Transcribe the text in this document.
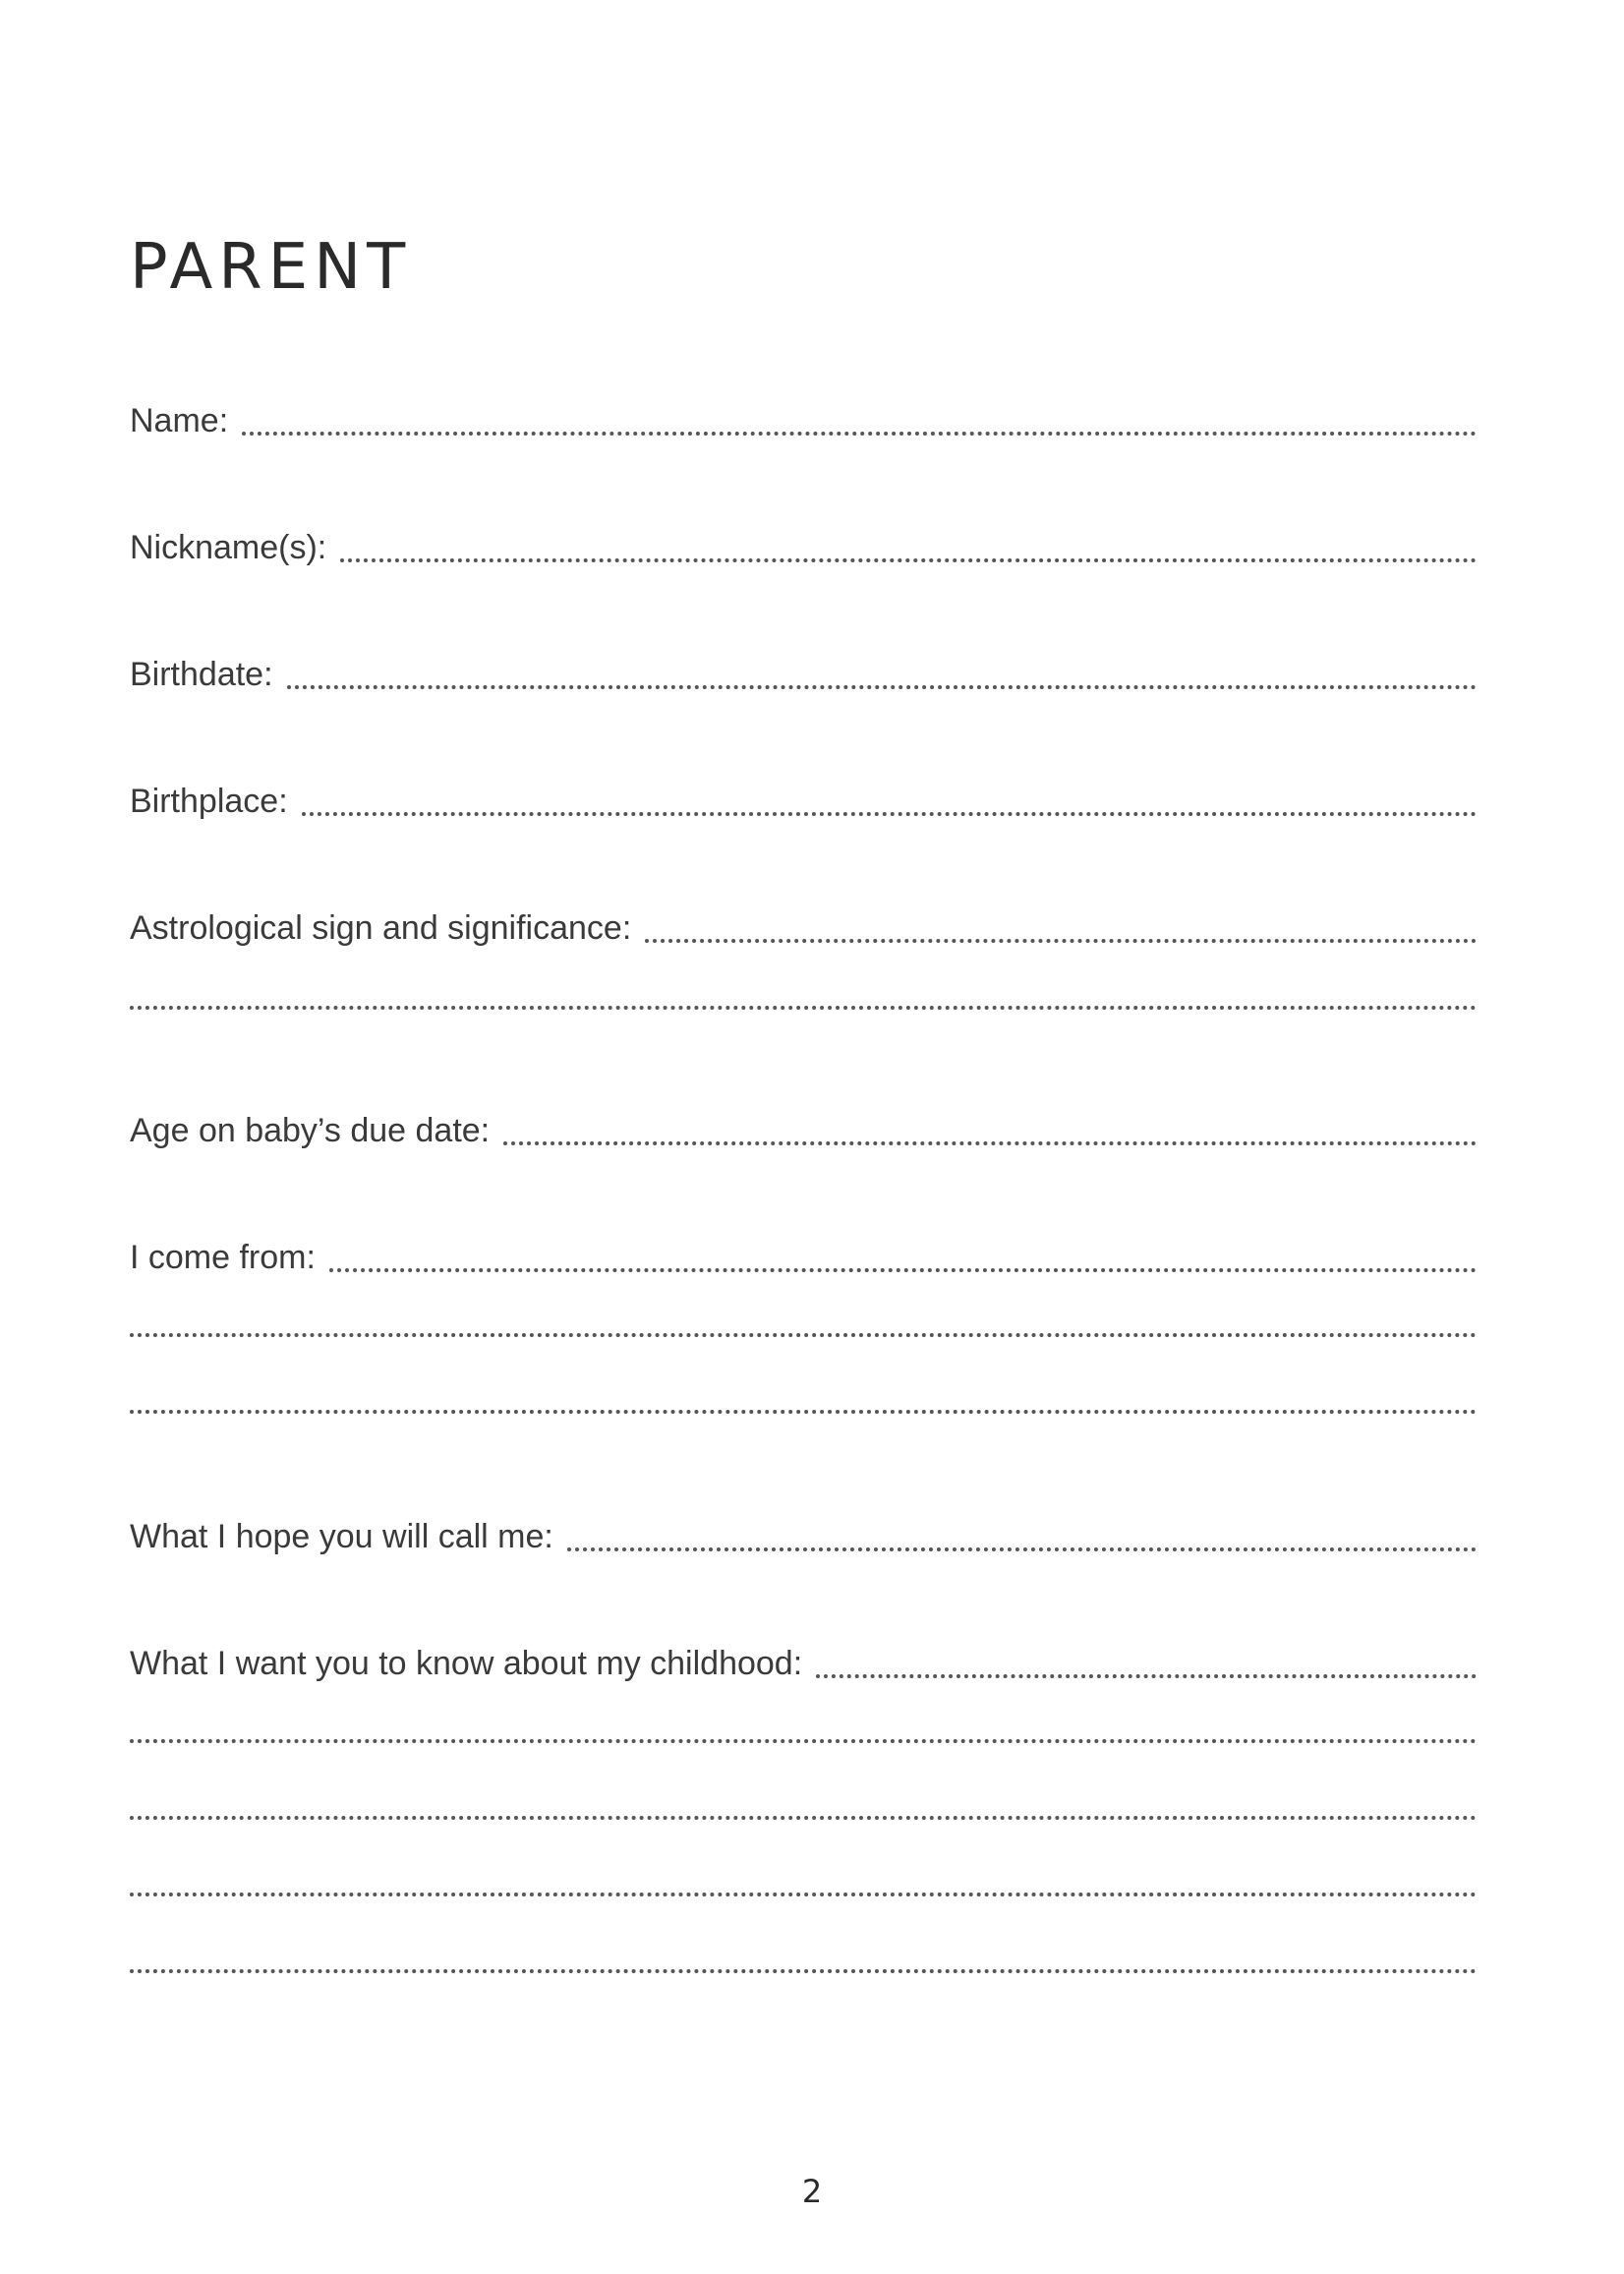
PARENT
Name:
Nickname(s):
Birthdate:
Birthplace:
Astrological sign and significance:
Age on baby’s due date:
I come from:
What I hope you will call me:
What I want you to know about my childhood:
2
